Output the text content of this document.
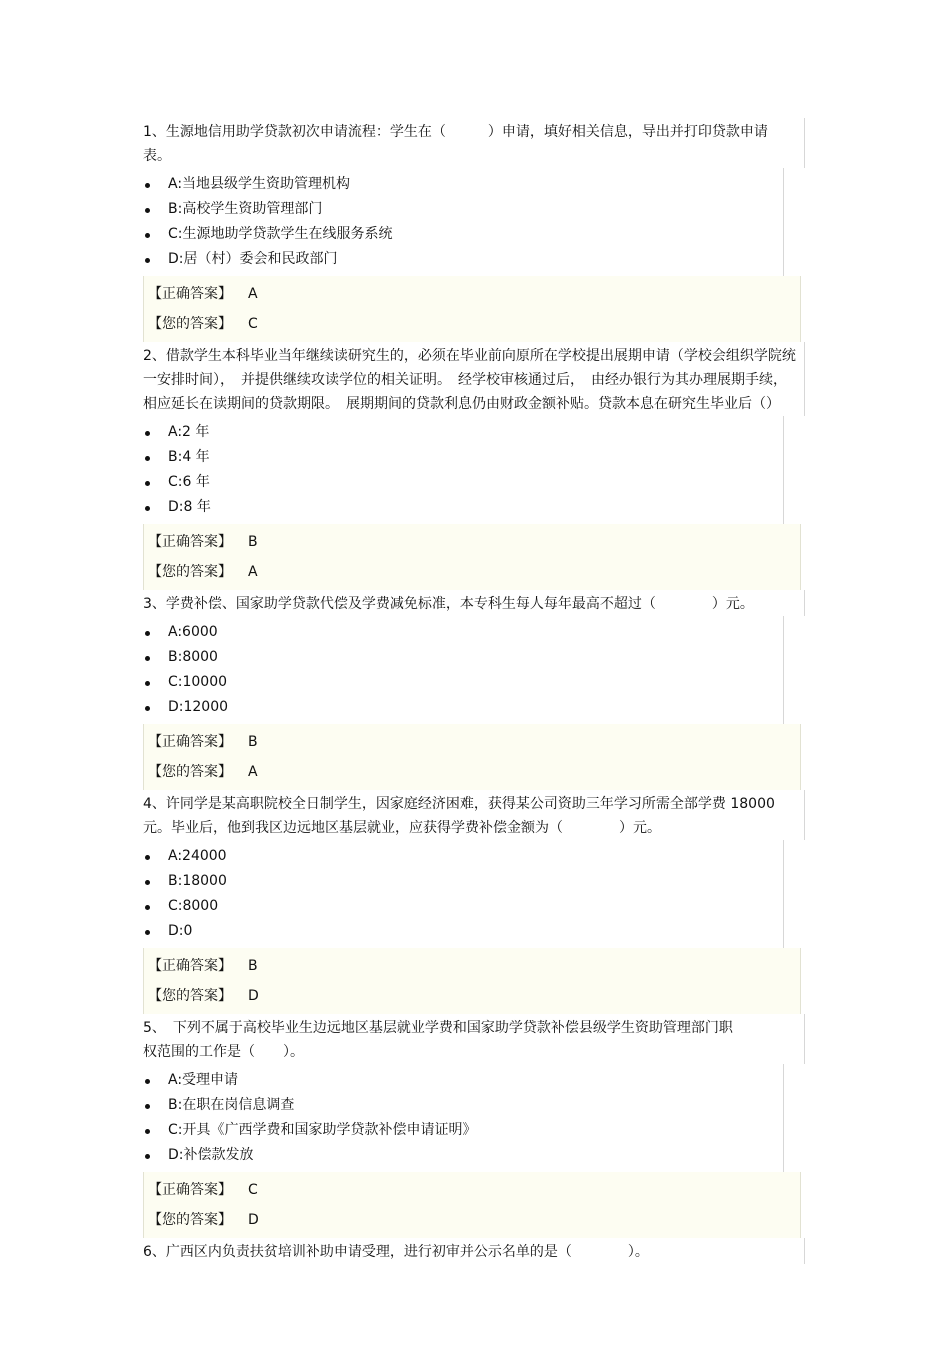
1、生源地信用助学贷款初次申请流程：学生在（　　　）申请，填好相关信息，导出并打印贷款申请表。
A:当地县级学生资助管理机构
B:高校学生资助管理部门
C:生源地助学贷款学生在线服务系统
D:居（村）委会和民政部门
【正确答案】 A
【您的答案】 C
2、借款学生本科毕业当年继续读研究生的，必须在毕业前向原所在学校提出展期申请（学校会组织学院统一安排时间），　并提供继续攻读学位的相关证明。　经学校审核通过后，　由经办银行为其办理展期手续，　相应延长在读期间的贷款期限。　展期期间的贷款利息仍由财政金额补贴。贷款本息在研究生毕业后（）
A:2 年
B:4 年
C:6 年
D:8 年
【正确答案】 B
【您的答案】 A
3、学费补偿、国家助学贷款代偿及学费减免标准，本专科生每人每年最高不超过（　　　　）元。
A:6000
B:8000
C:10000
D:12000
【正确答案】 B
【您的答案】 A
4、许同学是某高职院校全日制学生，因家庭经济困难，获得某公司资助三年学习所需全部学费 18000 元。毕业后，他到我区边远地区基层就业，应获得学费补偿金额为（　　　　）元。
A:24000
B:18000
C:8000
D:0
【正确答案】 B
【您的答案】 D
5、　下列不属于高校毕业生边远地区基层就业学费和国家助学贷款补偿县级学生资助管理部门职权范围的工作是（　　）。
A:受理申请
B:在职在岗信息调查
C:开具《广西学费和国家助学贷款补偿申请证明》
D:补偿款发放
【正确答案】 C
【您的答案】 D
6、广西区内负责扶贫培训补助申请受理，进行初审并公示名单的是（　　　　）。
